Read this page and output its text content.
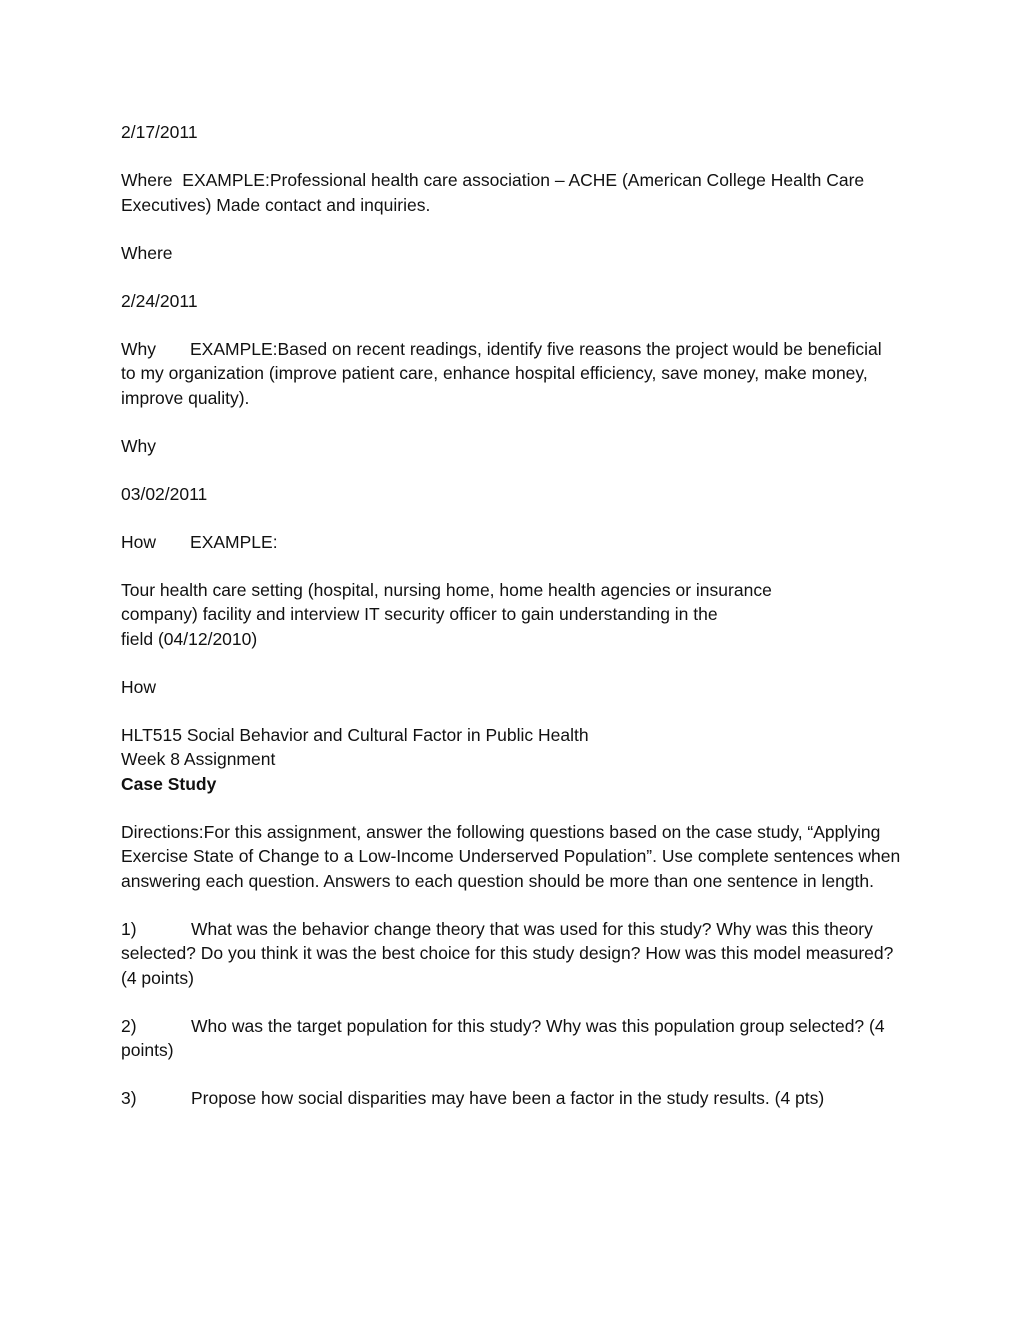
2/17/2011

Where EXAMPLE:Professional health care association – ACHE (American College Health Care Executives) Made contact and inquiries.

Where

2/24/2011

Why EXAMPLE:Based on recent readings, identify five reasons the project would be beneficial to my organization (improve patient care, enhance hospital efficiency, save money, make money, improve quality).

Why

03/02/2011

How EXAMPLE:

Tour health care setting (hospital, nursing home, home health agencies or insurance
company) facility and interview IT security officer to gain understanding in the
field (04/12/2010)

How

HLT515 Social Behavior and Cultural Factor in Public Health
Week 8 Assignment
Case Study

Directions:For this assignment, answer the following questions based on the case study, “Applying Exercise State of Change to a Low-Income Underserved Population”. Use complete sentences when answering each question. Answers to each question should be more than one sentence in length.

1)	What was the behavior change theory that was used for this study? Why was this theory selected? Do you think it was the best choice for this study design? How was this model measured? (4 points)

2)	Who was the target population for this study? Why was this population group selected? (4 points)

3)	Propose how social disparities may have been a factor in the study results. (4 pts)
